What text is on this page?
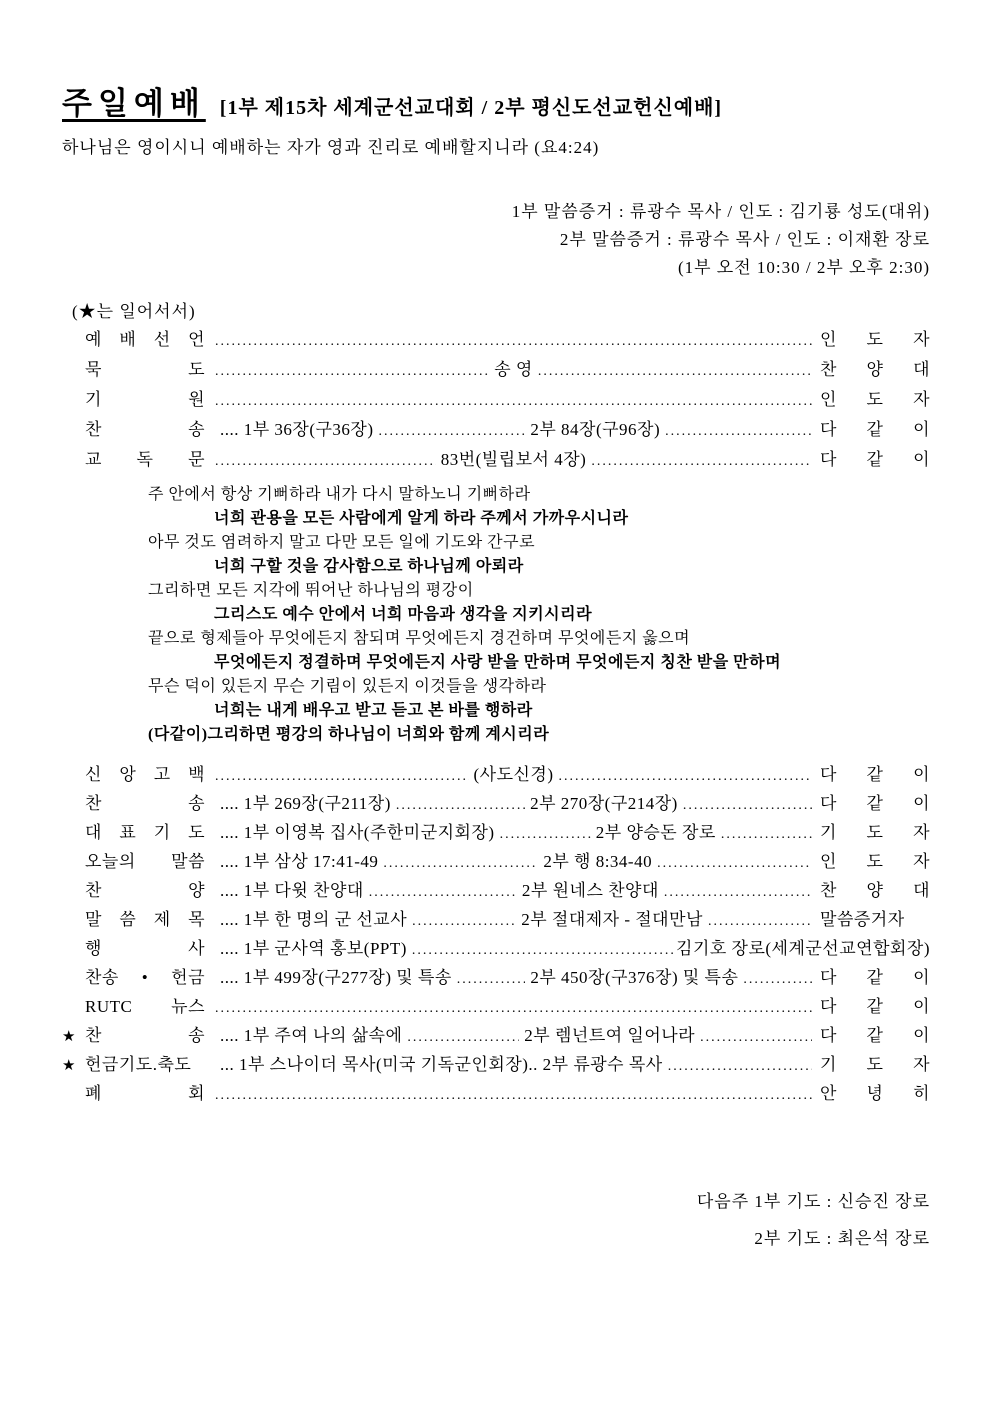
주일예배 [1부 제15차 세계군선교대회 / 2부 평신도선교헌신예배]
하나님은 영이시니 예배하는 자가 영과 진리로 예배할지니라 (요4:24)
1부 말씀증거 : 류광수 목사 / 인도 : 김기룡 성도(대위)
2부 말씀증거 : 류광수 목사 / 인도 : 이재환 장로
(1부 오전 10:30 / 2부 오후 2:30)
(★는 일어서서)
예 배 선 언 .....	인 도 자
묵 도 .....	송 영 .....	찬 양 대
기 원 .....	인 도 자
찬 송 .... 1부 36장(구36장) .....	2부 84장(구96장) .....	다 같 이
교 독 문 .....	83번(빌립보서 4장) .....	다 같 이
주 안에서 항상 기뻐하라 내가 다시 말하노니 기뻐하라
너희 관용을 모든 사람에게 알게 하라 주께서 가까우시니라
아무 것도 염려하지 말고 다만 모든 일에 기도와 간구로
너희 구할 것을 감사함으로 하나님께 아뢰라
그리하면 모든 지각에 뛰어난 하나님의 평강이
그리스도 예수 안에서 너희 마음과 생각을 지키시리라
끝으로 형제들아 무엇에든지 참되며 무엇에든지 경건하며 무엇에든지 옳으며
무엇에든지 정결하며 무엇에든지 사랑 받을 만하며 무엇에든지 칭찬 받을 만하며
무슨 덕이 있든지 무슨 기림이 있든지 이것들을 생각하라
너희는 내게 배우고 받고 듣고 본 바를 행하라
(다같이)그리하면 평강의 하나님이 너희와 함께 계시리라
신 앙 고 백 .....	(사도신경) .....	다 같 이
찬 송 .... 1부 269장(구211장) .....	2부 270장(구214장) .....	다 같 이
대 표 기 도 .... 1부 이영복 집사(주한미군지회장) .....	2부 양승돈 장로 .....	기 도 자
오늘의 말씀 .... 1부 삼상 17:41-49 .....	2부 행 8:34-40 .....	인 도 자
찬 양 .... 1부 다윗 찬양대 .....	2부 원네스 찬양대 .....	찬 양 대
말 씀 제 목 .... 1부 한 명의 군 선교사 .....	2부 절대제자 - 절대만남 .....	말씀증거자
행 사 .... 1부 군사역 홍보(PPT) .....	김기호 장로(세계군선교연합회장)
찬송 • 헌금 .... 1부 499장(구277장) 및 특송 .....	2부 450장(구376장) 및 특송 .....	다 같 이
RUTC 뉴스 .....	다 같 이
★ 찬 송 .... 1부 주여 나의 삶속에 .....	2부 렘넌트여 일어나라 .....	다 같 이
★ 헌금기도.축도	... 1부 스나이더 목사(미국 기독군인회장).. 2부 류광수 목사 .....	기 도 자
폐 회 .....	안 녕 히
다음주 1부 기도 : 신승진 장로
2부 기도 : 최은석 장로
